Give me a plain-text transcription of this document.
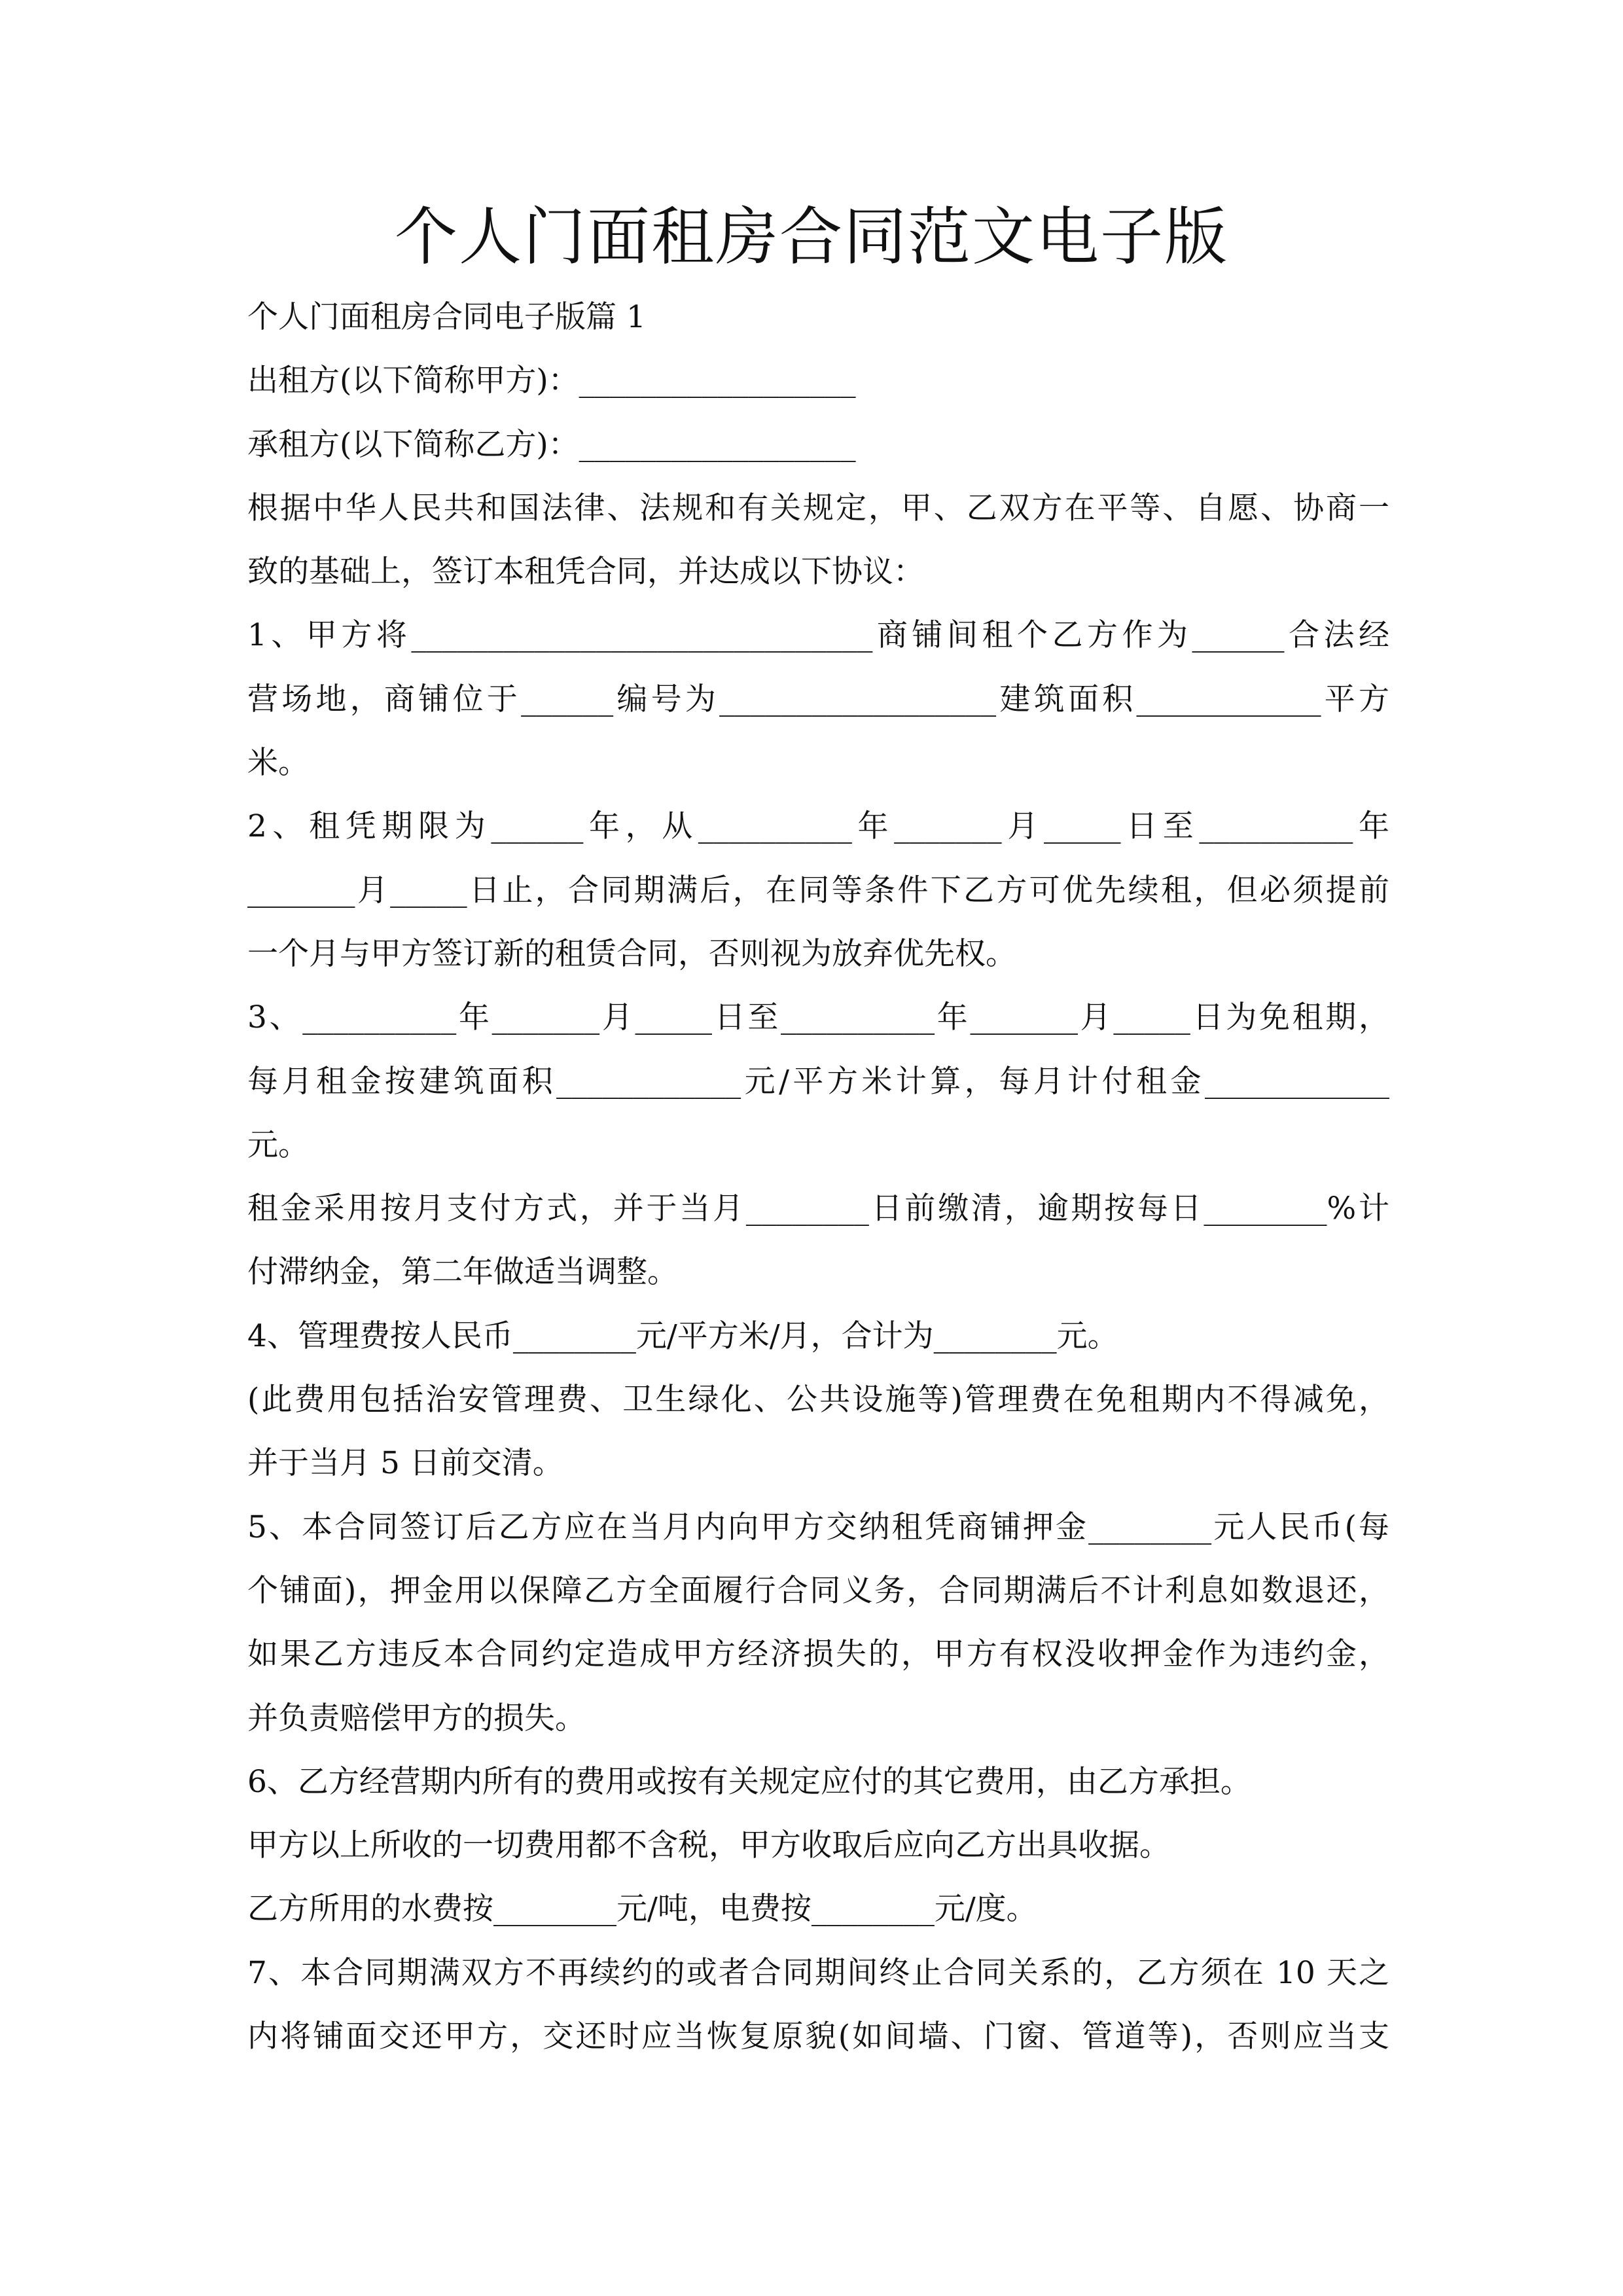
个人门面租房合同范文电子版
个人门面租房合同电子版篇 1
出租方(以下简称甲方)：__________________
承租方(以下简称乙方)：__________________
根据中华人民共和国法律、法规和有关规定，甲、乙双方在平等、自愿、协商一
致的基础上，签订本租凭合同，并达成以下协议：
1、甲方将______________________________商铺间租个乙方作为______合法经
营场地，商铺位于______编号为__________________建筑面积____________平方
米。
2、租凭期限为______年，从__________年_______月_____日至__________年
_______月_____日止，合同期满后，在同等条件下乙方可优先续租，但必须提前
一个月与甲方签订新的租赁合同，否则视为放弃优先权。
3、__________年_______月_____日至__________年_______月_____日为免租期，
每月租金按建筑面积____________元/平方米计算，每月计付租金____________
元。
租金采用按月支付方式，并于当月________日前缴清，逾期按每日________%计
付滞纳金，第二年做适当调整。
4、管理费按人民币________元/平方米/月，合计为________元。
(此费用包括治安管理费、卫生绿化、公共设施等)管理费在免租期内不得减免，
并于当月 5 日前交清。
5、本合同签订后乙方应在当月内向甲方交纳租凭商铺押金________元人民币(每
个铺面)，押金用以保障乙方全面履行合同义务，合同期满后不计利息如数退还，
如果乙方违反本合同约定造成甲方经济损失的，甲方有权没收押金作为违约金，
并负责赔偿甲方的损失。
6、乙方经营期内所有的费用或按有关规定应付的其它费用，由乙方承担。
甲方以上所收的一切费用都不含税，甲方收取后应向乙方出具收据。
乙方所用的水费按________元/吨，电费按________元/度。
7、本合同期满双方不再续约的或者合同期间终止合同关系的，乙方须在 10 天之
内将铺面交还甲方，交还时应当恢复原貌(如间墙、门窗、管道等)，否则应当支
